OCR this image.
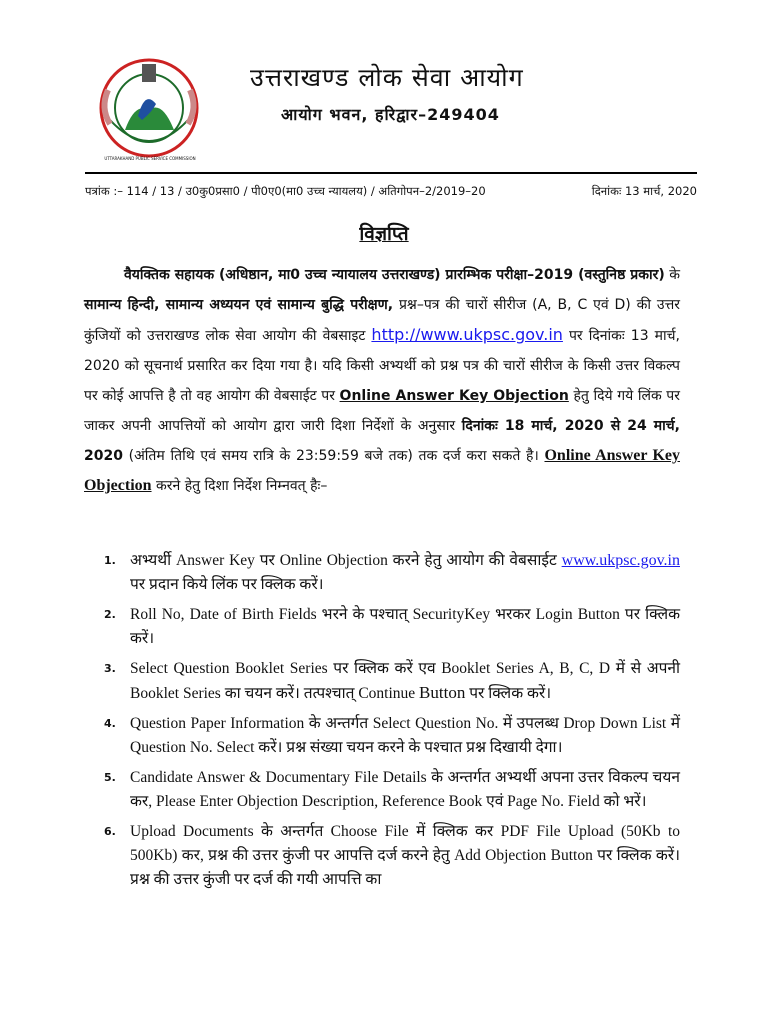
UTTARAKHAND PUBLIC SERVICE COMMISSION
उत्तराखण्ड लोक सेवा आयोग
आयोग भवन, हरिद्वार–249404
पत्रांक :– 114 / 13 / उ0कु0प्रसा0 / पी0ए0(मा0 उच्च न्यायलय) / अतिगोपन–2/2019–20	दिनांकः 13 मार्च, 2020
विज्ञप्ति
वैयक्तिक सहायक (अधिष्ठान, मा0 उच्च न्यायालय उत्तराखण्ड) प्रारम्भिक परीक्षा–2019 (वस्तुनिष्ठ प्रकार) के सामान्य हिन्दी, सामान्य अध्ययन एवं सामान्य बुद्धि परीक्षण, प्रश्न–पत्र की चारों सीरीज (A, B, C एवं D) की उत्तर कुंजियों को उत्तराखण्ड लोक सेवा आयोग की वेबसाइट http://www.ukpsc.gov.in पर दिनांकः 13 मार्च, 2020 को सूचनार्थ प्रसारित कर दिया गया है। यदि किसी अभ्यर्थी को प्रश्न पत्र की चारों सीरीज के किसी उत्तर विकल्प पर कोई आपत्ति है तो वह आयोग की वेबसाईट पर Online Answer Key Objection हेतु दिये गये लिंक पर जाकर अपनी आपत्तियों को आयोग द्वारा जारी दिशा निर्देशों के अनुसार दिनांकः 18 मार्च, 2020 से 24 मार्च, 2020 (अंतिम तिथि एवं समय रात्रि के 23:59:59 बजे तक) तक दर्ज करा सकते है। Online Answer Key Objection करने हेतु दिशा निर्देश निम्नवत् हैः–
1. अभ्यर्थी Answer Key पर Online Objection करने हेतु आयोग की वेबसाईट www.ukpsc.gov.in पर प्रदान किये लिंक पर क्लिक करें।
2. Roll No, Date of Birth Fields भरने के पश्चात् SecurityKey भरकर Login Button पर क्लिक करें।
3. Select Question Booklet Series पर क्लिक करें एव Booklet Series A, B, C, D में से अपनी Booklet Series का चयन करें। तत्पश्चात् Continue Button पर क्लिक करें।
4. Question Paper Information के अन्तर्गत Select Question No. में उपलब्ध Drop Down List में Question No. Select करें। प्रश्न संख्या चयन करने के पश्चात प्रश्न दिखायी देगा।
5. Candidate Answer & Documentary File Details के अन्तर्गत अभ्यर्थी अपना उत्तर विकल्प चयन कर, Please Enter Objection Description, Reference Book एवं Page No. Field को भरें।
6. Upload Documents के अन्तर्गत Choose File में क्लिक कर PDF File Upload (50Kb to 500Kb) कर, प्रश्न की उत्तर कुंजी पर आपत्ति दर्ज करने हेतु Add Objection Button पर क्लिक करें। प्रश्न की उत्तर कुंजी पर दर्ज की गयी आपत्ति का
